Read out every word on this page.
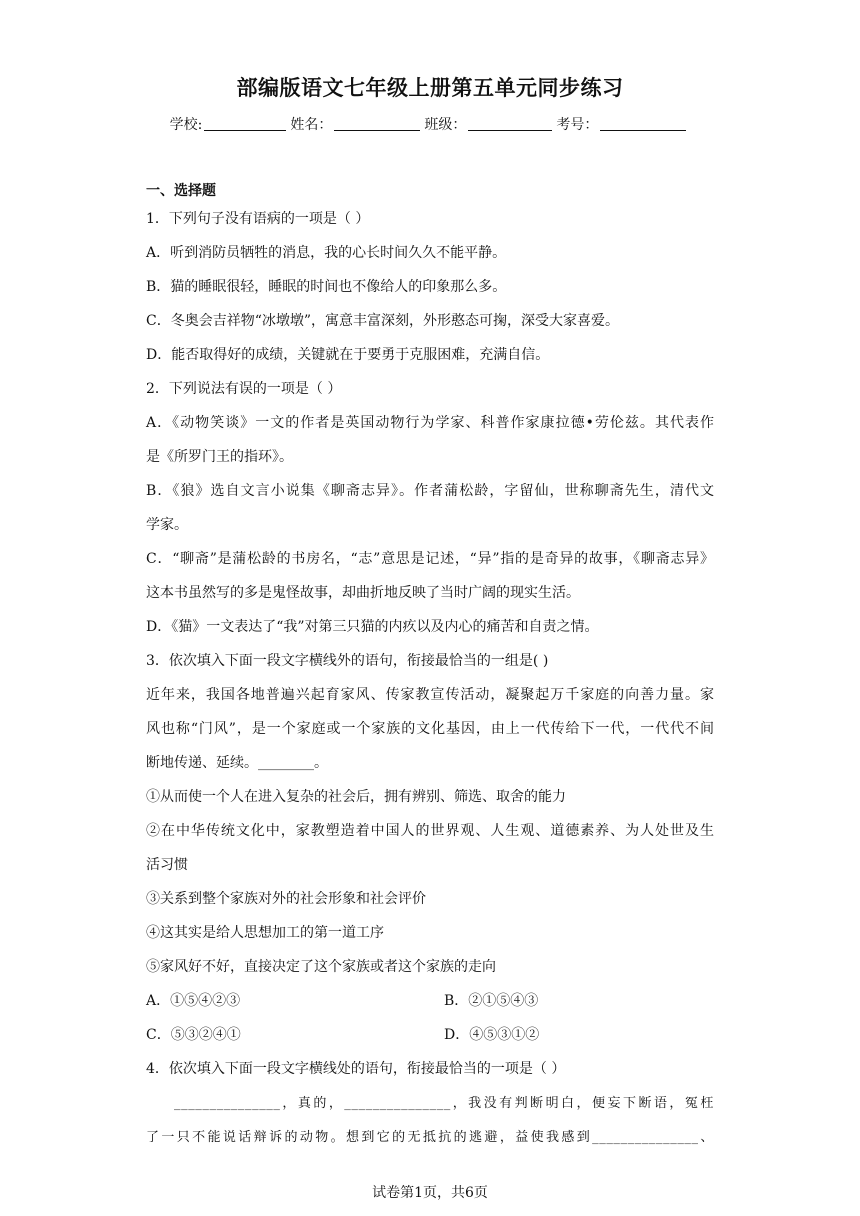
部编版语文七年级上册第五单元同步练习
学校:	姓名：	班级：	考号：
一、选择题
1．下列句子没有语病的一项是（ ）
A．听到消防员牺牲的消息，我的心长时间久久不能平静。
B．猫的睡眠很轻，睡眠的时间也不像给人的印象那么多。
C．冬奥会吉祥物“冰墩墩”，寓意丰富深刻，外形憨态可掬，深受大家喜爱。
D．能否取得好的成绩，关键就在于要勇于克服困难，充满自信。
2．下列说法有误的一项是（ ）
A．《动物笑谈》一文的作者是英国动物行为学家、科普作家康拉德•劳伦兹。其代表作
是《所罗门王的指环》。
B．《狼》选自文言小说集《聊斋志异》。作者蒲松龄，字留仙，世称聊斋先生，清代文
学家。
C．“聊斋”是蒲松龄的书房名，“志”意思是记述，“异”指的是奇异的故事，《聊斋志异》
这本书虽然写的多是鬼怪故事，却曲折地反映了当时广阔的现实生活。
D．《猫》一文表达了“我”对第三只猫的内疚以及内心的痛苦和自责之情。
3．依次填入下面一段文字横线外的语句，衔接最恰当的一组是( )
近年来，我国各地普遍兴起育家风、传家教宣传活动，凝聚起万千家庭的向善力量。家
风也称“门风”，是一个家庭或一个家族的文化基因，由上一代传给下一代，一代代不间
断地传递、延续。________。
①从而使一个人在进入复杂的社会后，拥有辨别、筛选、取舍的能力
②在中华传统文化中，家教塑造着中国人的世界观、人生观、道德素养、为人处世及生
活习惯
③关系到整个家族对外的社会形象和社会评价
④这其实是给人思想加工的第一道工序
⑤家风好不好，直接决定了这个家族或者这个家族的走向
A．①⑤④②③	B．②①⑤④③
C．⑤③②④①	D．④⑤③①②
4．依次填入下面一段文字横线处的语句，衔接最恰当的一项是（ ）
_______________，真的，_______________，我没有判断明白，便妄下断语，冤枉
了一只不能说话辩诉的动物。想到它的无抵抗的逃避，益使我感到_______________、
试卷第1页，共6页
